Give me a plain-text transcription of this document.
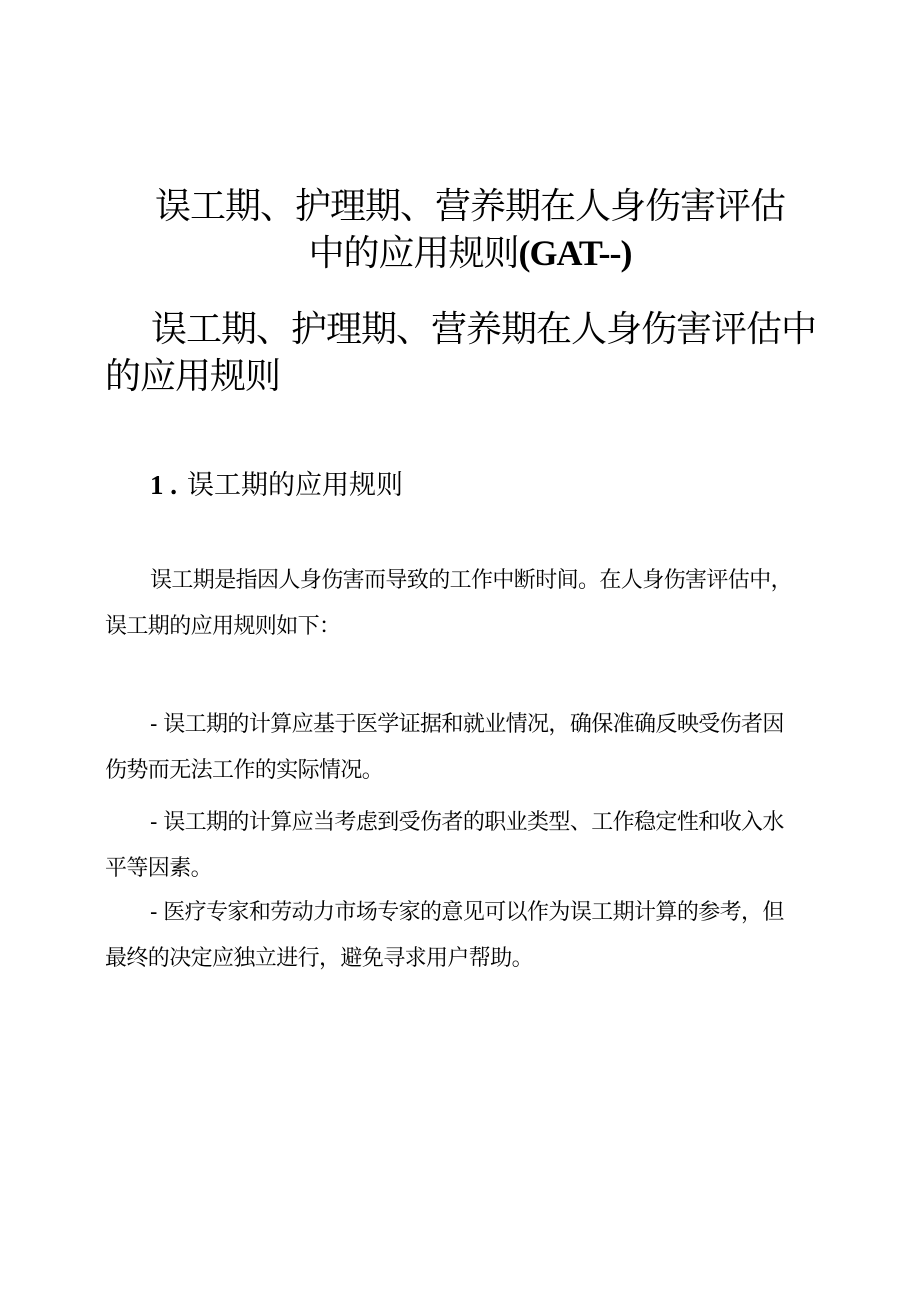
误工期、护理期、营养期在人身伤害评估
中的应用规则(GAT--)
误工期、护理期、营养期在人身伤害评估中的应用规则
1 . 误工期的应用规则

误工期是指因人身伤害而导致的工作中断时间。在人身伤害评估中，误工期的应用规则如下：

- 误工期的计算应基于医学证据和就业情况，确保准确反映受伤者因伤势而无法工作的实际情况。

- 误工期的计算应当考虑到受伤者的职业类型、工作稳定性和收入水平等因素。

- 医疗专家和劳动力市场专家的意见可以作为误工期计算的参考，但最终的决定应独立进行，避免寻求用户帮助。
